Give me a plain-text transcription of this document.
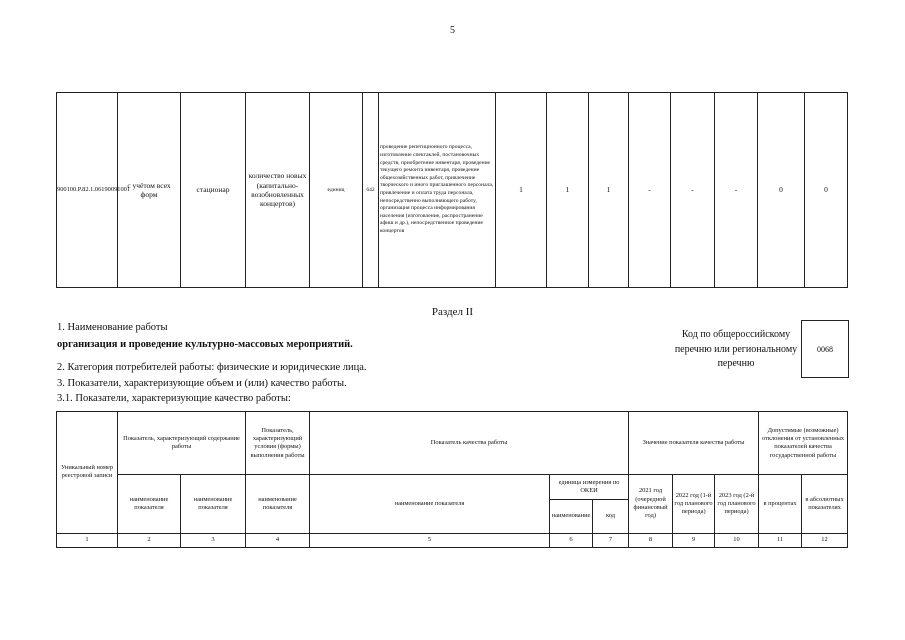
5
900100.Р.82.1.06190091001	с учётом всех форм	стационар	количество новых (капитально-возобновленных концертов)	единиц	642	проведение репетиционного процесса, изготовление спектаклей, постановочных средств, приобретение инвентаря, проведение текущего ремонта инвентаря, проведение общехозяйственных работ, привлечение творческого и иного приглашенного персонала, привлечение и оплата труда персонала, непосредственно выполняющего работу, организация процесса информирования населения (изготовление, распространение афиш и др.), непосредственное проведение концертов	1	1	1	-	-	-	0	0
Раздел II
1. Наименование работы
организация и проведение культурно-массовых мероприятий.
2. Категория потребителей работы: физические и юридические лица.
3. Показатели, характеризующие объем и (или) качество работы.
3.1. Показатели, характеризующие качество работы:
Код по общероссийскому перечню или региональному перечню
0068
Уникальный номер реестровой записи	Показатель, характеризующий содержание работы		Показатель, характеризующий условия (формы) выполнения работы	Показатель качества работы			Значение показателя качества работы			Допустимые (возможные) отклонения от установленных показателей качества государственной работы	
	наименование показателя	наименование показателя	наименование показателя	наименование показателя	единица измерения по ОКЕИ		2021 год (очередной финансовый год)	2022 год (1-й год планового периода)	2023 год (2-й год планового периода)	в процентах	в абсолютных показателях
					наименование	код					
1	2	3	4	5	6	7	8	9	10	11	12
